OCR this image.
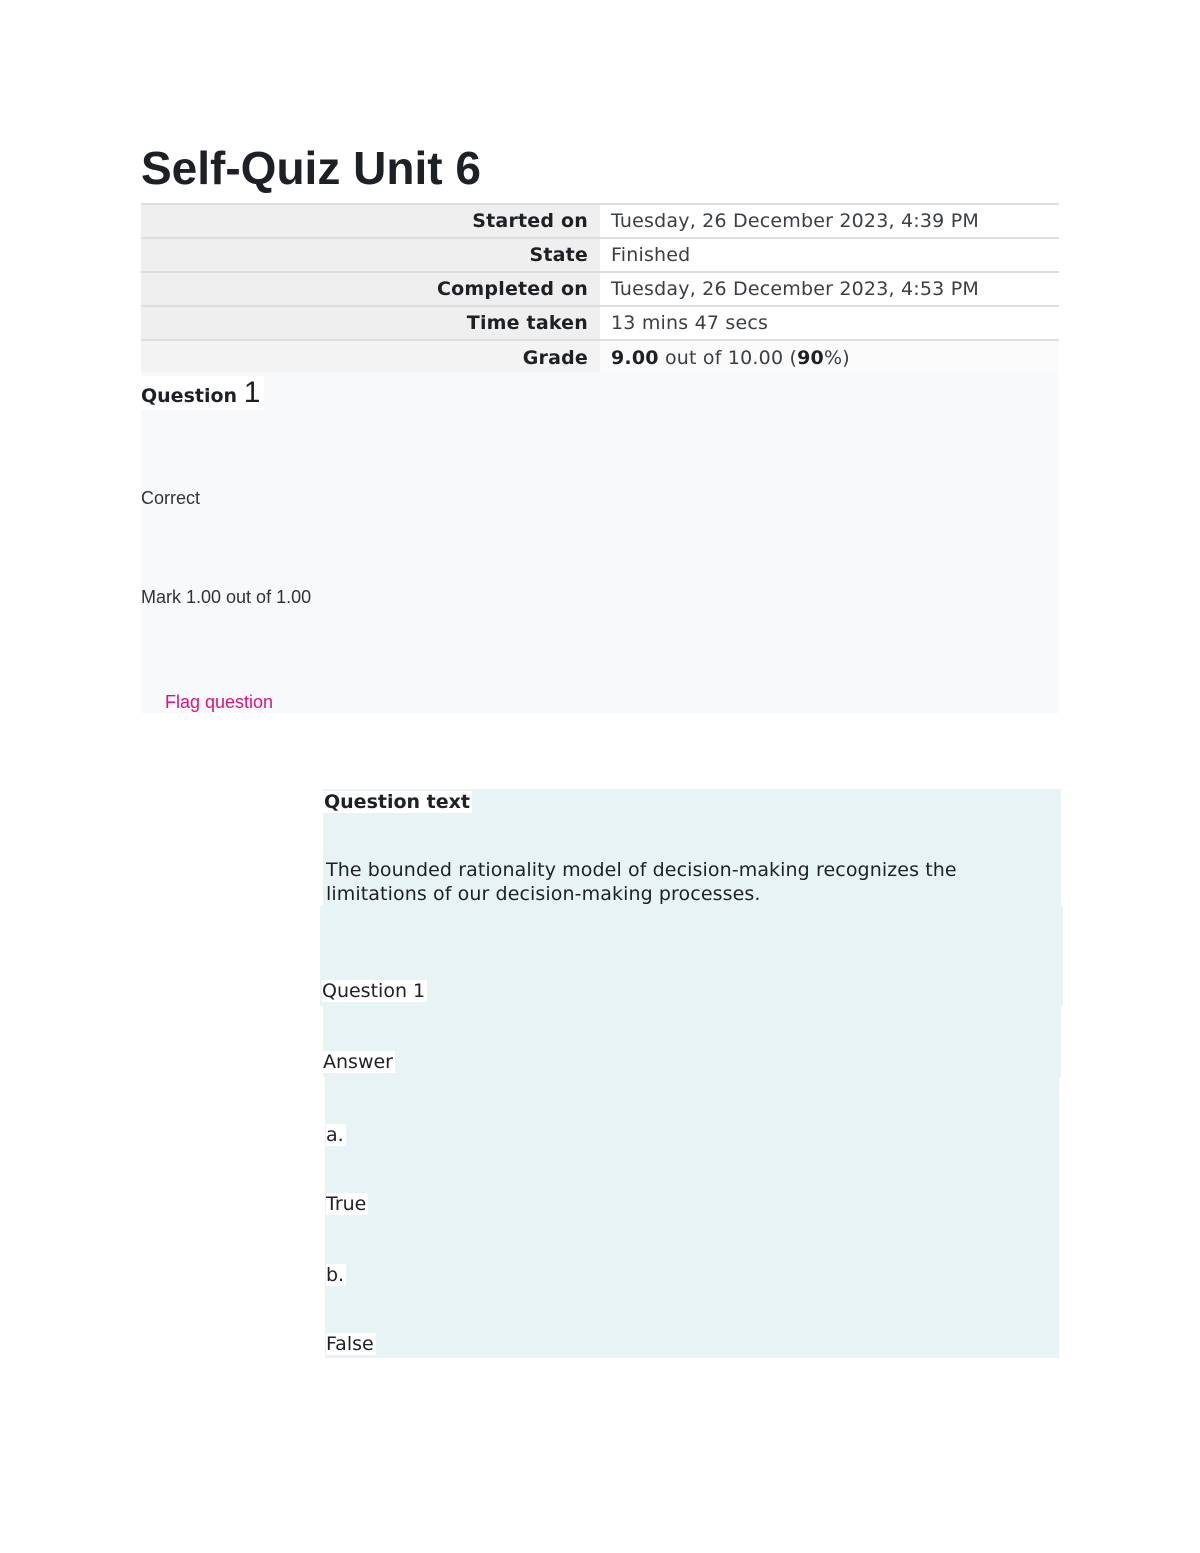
Self-Quiz Unit 6
Started on	Tuesday, 26 December 2023, 4:39 PM
State	Finished
Completed on	Tuesday, 26 December 2023, 4:53 PM
Time taken	13 mins 47 secs
Grade	9.00 out of 10.00 (90%)
Question 1
Correct
Mark 1.00 out of 1.00
Flag question
Question text
The bounded rationality model of decision-making recognizes the limitations of our decision-making processes.
Question 1
Answer
a.
True
b.
False
